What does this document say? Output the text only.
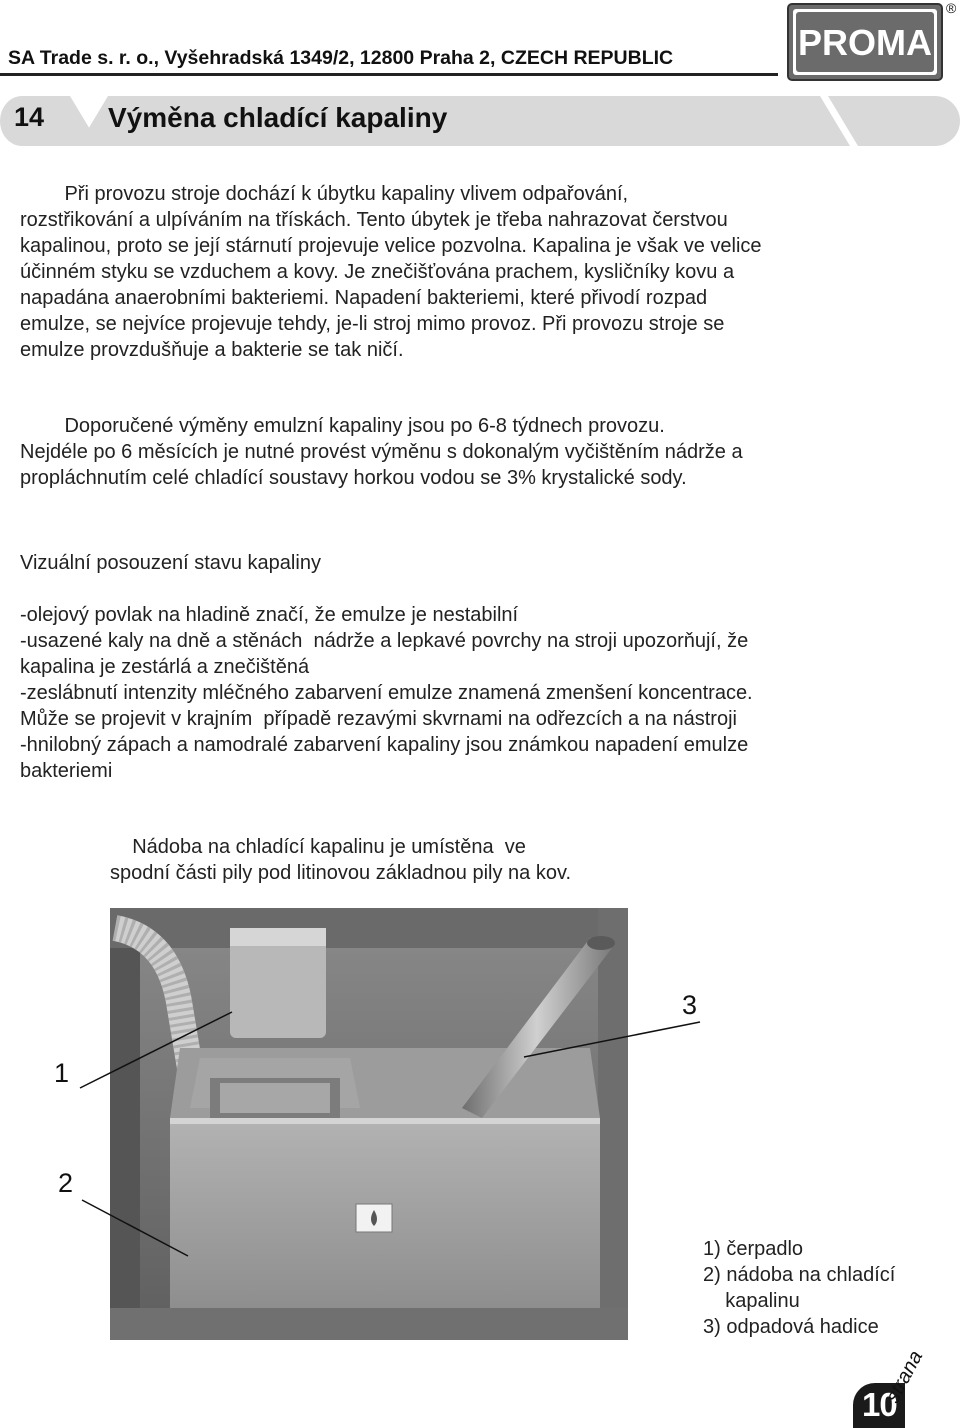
SA Trade s. r. o., Vyšehradská 1349/2, 12800 Praha 2, CZECH REPUBLIC	PROMA
®
14 Výměna chladící kapaliny
Při provozu stroje dochází k úbytku kapaliny vlivem odpařování,
rozstřikování a ulpíváním na třískách. Tento úbytek je třeba nahrazovat čerstvou
kapalinou, proto se její stárnutí projevuje velice pozvolna. Kapalina je však ve velice
účinném styku se vzduchem a kovy. Je znečišťována prachem, kysličníky kovu a
napadána anaerobními bakteriemi. Napadení bakteriemi, které přivodí rozpad
emulze, se nejvíce projevuje tehdy, je-li stroj mimo provoz. Při provozu stroje se
emulze provzdušňuje a bakterie se tak ničí.
Doporučené výměny emulzní kapaliny jsou po 6-8 týdnech provozu.
Nejdéle po 6 měsících je nutné provést výměnu s dokonalým vyčištěním nádrže a
propláchnutím celé chladící soustavy horkou vodou se 3% krystalické sody.
Vizuální posouzení stavu kapaliny
-olejový povlak na hladině značí, že emulze je nestabilní
-usazené kaly na dně a stěnách  nádrže a lepkavé povrchy na stroji upozorňují, že
kapalina je zestárlá a znečištěná
-zeslábnutí intenzity mléčného zabarvení emulze znamená zmenšení koncentrace.
Může se projevit v krajním  případě rezavými skvrnami na odřezcích a na nástroji
-hnilobný zápach a namodralé zabarvení kapaliny jsou známkou napadení emulze
bakteriemi
Nádoba na chladící kapalinu je umístěna  ve
spodní části pily pod litinovou základnou pily na kov.
1
2
3
1) čerpadlo
2) nádoba na chladící
kapalinu
3) odpadová hadice
10
strana
